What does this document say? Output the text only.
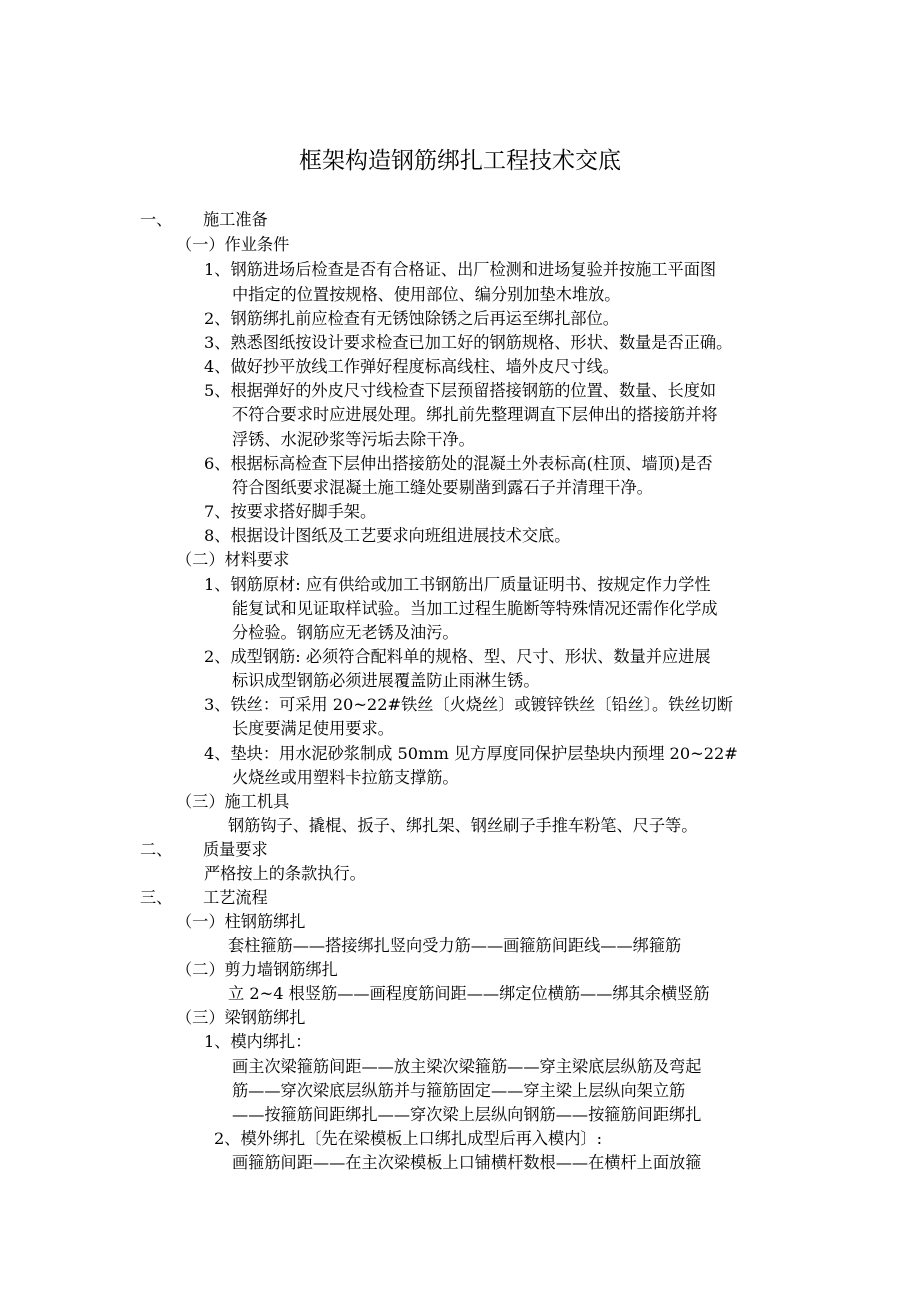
框架构造钢筋绑扎工程技术交底
一、 施工准备
（一）作业条件
1、钢筋进场后检查是否有合格证、出厂检测和进场复验并按施工平面图
中指定的位置按规格、使用部位、编分别加垫木堆放。
2、钢筋绑扎前应检查有无锈蚀除锈之后再运至绑扎部位。
3、熟悉图纸按设计要求检查已加工好的钢筋规格、形状、数量是否正确。
4、做好抄平放线工作弹好程度标高线柱、墙外皮尺寸线。
5、根据弹好的外皮尺寸线检查下层预留搭接钢筋的位置、数量、长度如
不符合要求时应进展处理。绑扎前先整理调直下层伸出的搭接筋并将
浮锈、水泥砂浆等污垢去除干净。
6、根据标高检查下层伸出搭接筋处的混凝土外表标高(柱顶、墙顶)是否
符合图纸要求混凝土施工缝处要剔凿到露石子并清理干净。
7、按要求搭好脚手架。
8、根据设计图纸及工艺要求向班组进展技术交底。
（二）材料要求
1、钢筋原材: 应有供给或加工书钢筋出厂质量证明书、按规定作力学性
能复试和见证取样试验。当加工过程生脆断等特殊情况还需作化学成
分检验。钢筋应无老锈及油污。
2、成型钢筋: 必须符合配料单的规格、型、尺寸、形状、数量并应进展
标识成型钢筋必须进展覆盖防止雨淋生锈。
3、铁丝：可采用 20~22#铁丝〔火烧丝〕或镀锌铁丝〔铅丝〕。铁丝切断
长度要满足使用要求。
4、垫块：用水泥砂浆制成 50mm 见方厚度同保护层垫块内预埋 20~22#
火烧丝或用塑料卡拉筋支撑筋。
（三）施工机具
钢筋钩子、撬棍、扳子、绑扎架、钢丝刷子手推车粉笔、尺子等。
二、 质量要求
严格按上的条款执行。
三、 工艺流程
（一）柱钢筋绑扎
套柱箍筋——搭接绑扎竖向受力筋——画箍筋间距线——绑箍筋
（二）剪力墙钢筋绑扎
立 2~4 根竖筋——画程度筋间距——绑定位横筋——绑其余横竖筋
（三）梁钢筋绑扎
1、模内绑扎：
画主次梁箍筋间距——放主梁次梁箍筋——穿主梁底层纵筋及弯起
筋——穿次梁底层纵筋并与箍筋固定——穿主梁上层纵向架立筋
——按箍筋间距绑扎——穿次梁上层纵向钢筋——按箍筋间距绑扎
2、模外绑扎〔先在梁模板上口绑扎成型后再入模内〕:
画箍筋间距——在主次梁模板上口铺横杆数根——在横杆上面放箍
